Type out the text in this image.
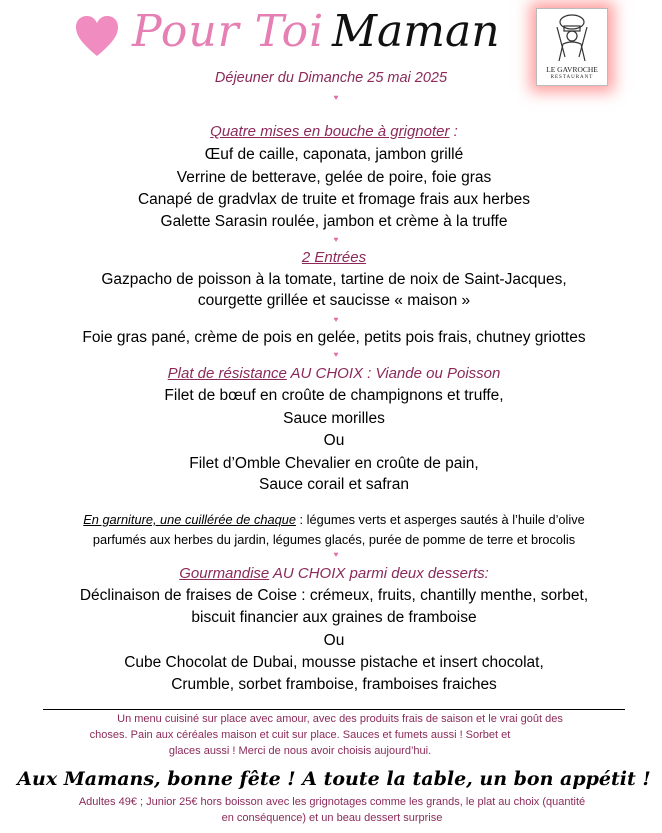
Pour Toi Maman
LE GAVROCHE
RESTAURANT
Déjeuner du Dimanche 25 mai 2025
♥
Quatre mises en bouche à grignoter :
Œuf de caille, caponata, jambon grillé
Verrine de betterave, gelée de poire, foie gras
Canapé de gradvlax de truite et fromage frais aux herbes
Galette Sarasin roulée, jambon et crème à la truffe
♥
2 Entrées
Gazpacho de poisson à la tomate, tartine de noix de Saint-Jacques,
courgette grillée et saucisse « maison »
♥
Foie gras pané, crème de pois en gelée, petits pois frais, chutney griottes
♥
Plat de résistance AU CHOIX : Viande ou Poisson
Filet de bœuf en croûte de champignons et truffe,
Sauce morilles
Ou
Filet d’Omble Chevalier en croûte de pain,
Sauce corail et safran
En garniture, une cuillérée de chaque : légumes verts et asperges sautés à l’huile d’olive
parfumés aux herbes du jardin, légumes glacés, purée de pomme de terre et brocolis
♥
Gourmandise AU CHOIX parmi deux desserts:
Déclinaison de fraises de Coise : crémeux, fruits, chantilly menthe, sorbet,
biscuit financier aux graines de framboise
Ou
Cube Chocolat de Dubai, mousse pistache et insert chocolat,
Crumble, sorbet framboise, framboises fraiches
Un menu cuisiné sur place avec amour, avec des produits frais de saison et le vrai goût des
choses. Pain aux céréales maison et cuit sur place. Sauces et fumets aussi ! Sorbet et
glaces aussi ! Merci de nous avoir choisis aujourd’hui.
Aux Mamans, bonne fête ! A toute la table, un bon appétit !
Adultes 49€ ; Junior 25€ hors boisson avec les grignotages comme les grands, le plat au choix (quantité
en conséquence) et un beau dessert surprise
